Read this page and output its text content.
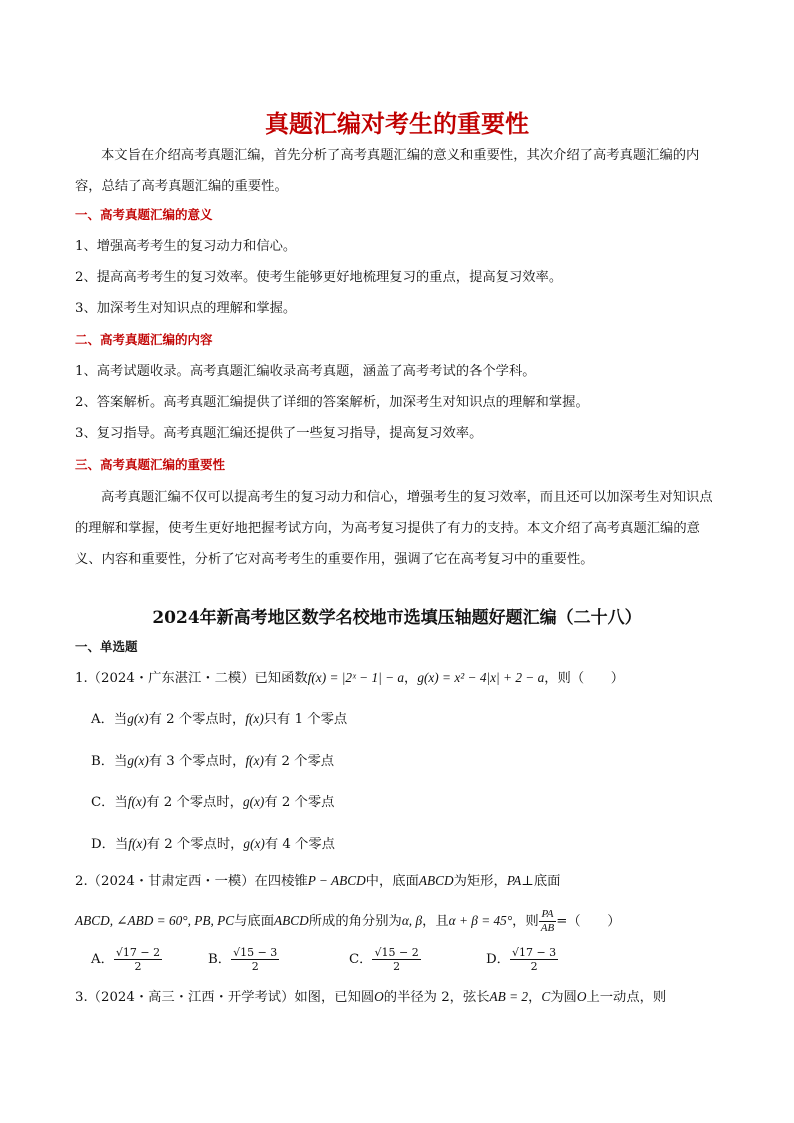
真题汇编对考生的重要性
本文旨在介绍高考真题汇编，首先分析了高考真题汇编的意义和重要性，其次介绍了高考真题汇编的内容，总结了高考真题汇编的重要性。
一、高考真题汇编的意义
1、增强高考考生的复习动力和信心。
2、提高高考考生的复习效率。使考生能够更好地梳理复习的重点，提高复习效率。
3、加深考生对知识点的理解和掌握。
二、高考真题汇编的内容
1、高考试题收录。高考真题汇编收录高考真题，涵盖了高考考试的各个学科。
2、答案解析。高考真题汇编提供了详细的答案解析，加深考生对知识点的理解和掌握。
3、复习指导。高考真题汇编还提供了一些复习指导，提高复习效率。
三、高考真题汇编的重要性
高考真题汇编不仅可以提高考生的复习动力和信心，增强考生的复习效率，而且还可以加深考生对知识点的理解和掌握，使考生更好地把握考试方向，为高考复习提供了有力的支持。本文介绍了高考真题汇编的意义、内容和重要性，分析了它对高考考生的重要作用，强调了它在高考复习中的重要性。
2024年新高考地区数学名校地市选填压轴题好题汇编（二十八）
一、单选题
1.（2024・广东湛江・二模）已知函数f(x) = |2ˣ − 1| − a，g(x) = x² − 4|x| + 2 − a，则（　　）
A．当g(x)有 2 个零点时，f(x)只有 1 个零点
B．当g(x)有 3 个零点时，f(x)有 2 个零点
C．当f(x)有 2 个零点时，g(x)有 2 个零点
D．当f(x)有 2 个零点时，g(x)有 4 个零点
2.（2024・甘肃定西・一模）在四棱锥P − ABCD中，底面ABCD为矩形，PA⊥底面
ABCD, ∠ABD = 60°, PB, PC与底面ABCD所成的角分别为α, β，且α + β = 45°，则 $\frac{PA}{AB}$ =（　　）
A． $\frac{√17 - 2}{2}$	B． $\frac{√15 - 3}{2}$	C． $\frac{√15 - 2}{2}$	D． $\frac{√17 - 3}{2}$
3.（2024・高三・江西・开学考试）如图，已知圆O的半径为 2，弦长AB = 2，C为圆O上一动点，则
